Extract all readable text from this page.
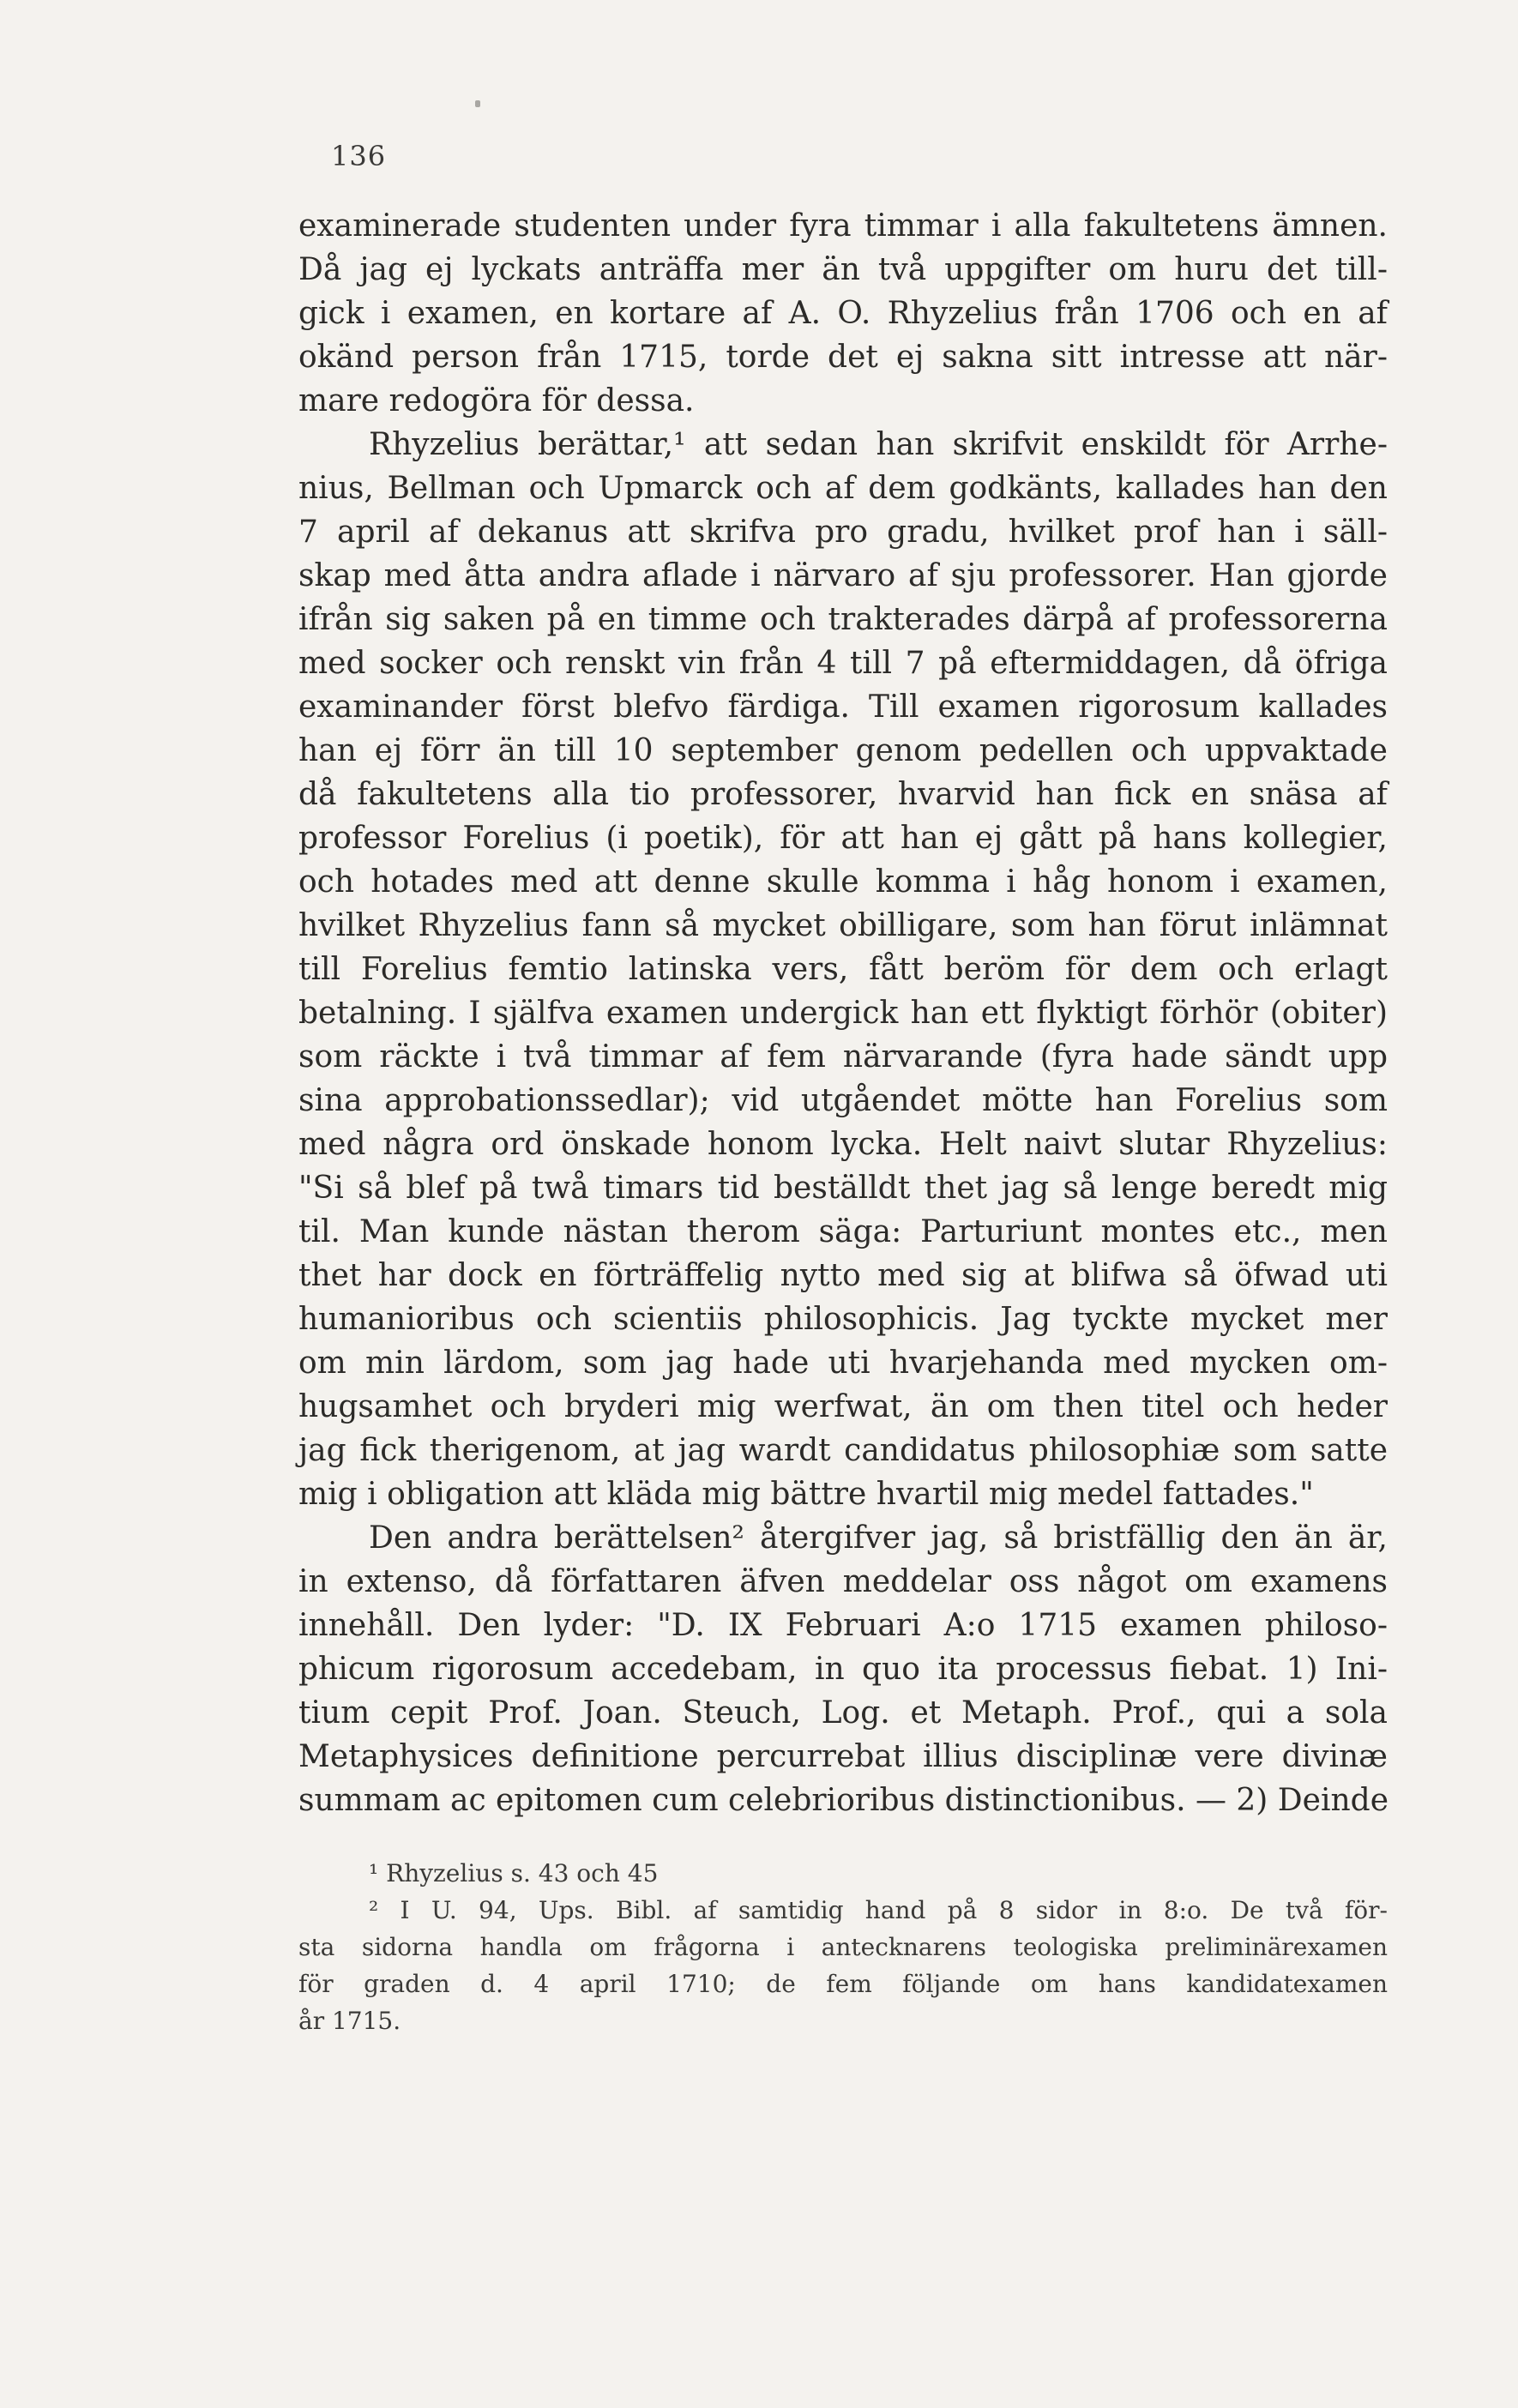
136
examinerade studenten under fyra timmar i alla fakultetens ämnen.
Då jag ej lyckats anträffa mer än två uppgifter om huru det till-
gick i examen, en kortare af A. O. Rhyzelius från 1706 och en af
okänd person från 1715, torde det ej sakna sitt intresse att när-
mare redogöra för dessa.
Rhyzelius berättar,¹ att sedan han skrifvit enskildt för Arrhe-
nius, Bellman och Upmarck och af dem godkänts, kallades han den
7 april af dekanus att skrifva pro gradu, hvilket prof han i säll-
skap med åtta andra aflade i närvaro af sju professorer. Han gjorde
ifrån sig saken på en timme och trakterades därpå af professorerna
med socker och renskt vin från 4 till 7 på eftermiddagen, då öfriga
examinander först blefvo färdiga. Till examen rigorosum kallades
han ej förr än till 10 september genom pedellen och uppvaktade
då fakultetens alla tio professorer, hvarvid han fick en snäsa af
professor Forelius (i poetik), för att han ej gått på hans kollegier,
och hotades med att denne skulle komma i håg honom i examen,
hvilket Rhyzelius fann så mycket obilligare, som han förut inlämnat
till Forelius femtio latinska vers, fått beröm för dem och erlagt
betalning. I själfva examen undergick han ett flyktigt förhör (obiter)
som räckte i två timmar af fem närvarande (fyra hade sändt upp
sina approbationssedlar); vid utgåendet mötte han Forelius som
med några ord önskade honom lycka. Helt naivt slutar Rhyzelius:
"Si så blef på twå timars tid beställdt thet jag så lenge beredt mig
til. Man kunde nästan therom säga: Parturiunt montes etc., men
thet har dock en förträffelig nytto med sig at blifwa så öfwad uti
humanioribus och scientiis philosophicis. Jag tyckte mycket mer
om min lärdom, som jag hade uti hvarjehanda med mycken om-
hugsamhet och bryderi mig werfwat, än om then titel och heder
jag fick therigenom, at jag wardt candidatus philosophiæ som satte
mig i obligation att kläda mig bättre hvartil mig medel fattades."
Den andra berättelsen² återgifver jag, så bristfällig den än är,
in extenso, då författaren äfven meddelar oss något om examens
innehåll. Den lyder: "D. IX Februari A:o 1715 examen philoso-
phicum rigorosum accedebam, in quo ita processus fiebat. 1) Ini-
tium cepit Prof. Joan. Steuch, Log. et Metaph. Prof., qui a sola
Metaphysices definitione percurrebat illius disciplinæ vere divinæ
summam ac epitomen cum celebrioribus distinctionibus. — 2) Deinde
¹ Rhyzelius s. 43 och 45
² I U. 94, Ups. Bibl. af samtidig hand på 8 sidor in 8:o. De två för-
sta sidorna handla om frågorna i antecknarens teologiska preliminärexamen
för graden d. 4 april 1710; de fem följande om hans kandidatexamen
år 1715.
